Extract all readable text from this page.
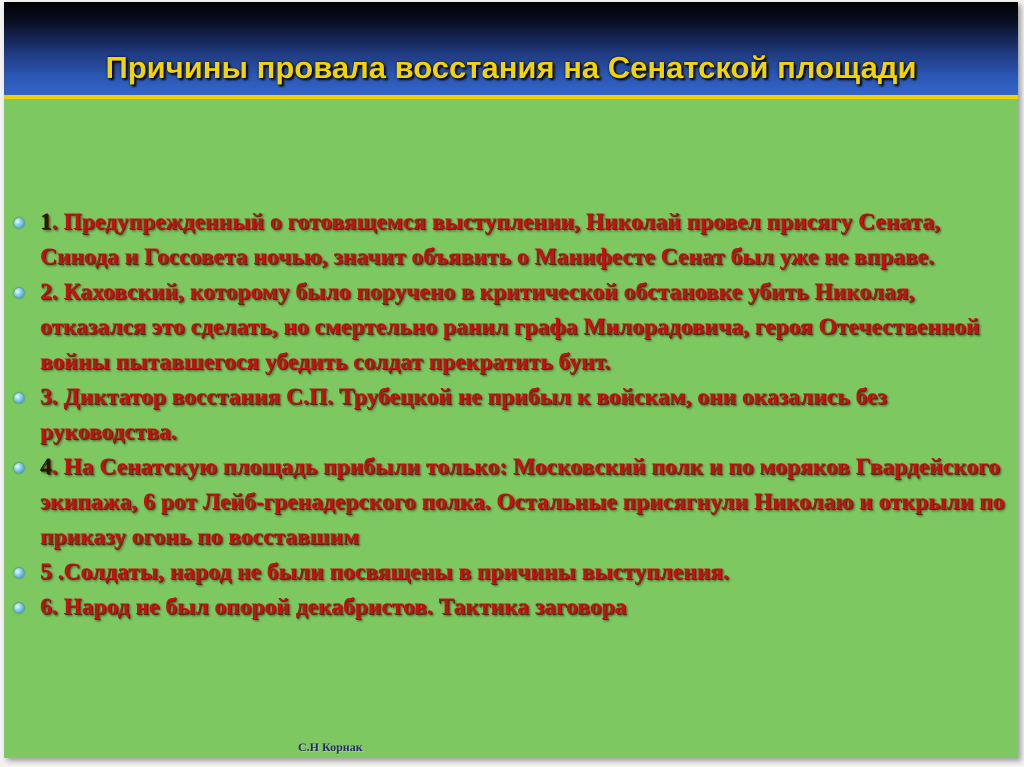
Причины провала восстания на Сенатской площади
1. Предупрежденный о готовящемся выступлении, Николай провел присягу Сената, Синода и Госсовета ночью, значит объявить о Манифесте Сенат был уже не вправе.
2. Каховский, которому было поручено в критической обстановке убить Николая, отказался это сделать, но смертельно ранил графа Милорадовича, героя Отечественной войны пытавшегося убедить солдат прекратить бунт.
3. Диктатор восстания С.П. Трубецкой не прибыл к войскам, они оказались без руководства.
4. На Сенатскую площадь прибыли только: Московский полк и по моряков Гвардейского экипажа, 6 рот Лейб-гренадерского полка. Остальные присягнули Николаю и открыли по приказу огонь по восставшим
5 .Солдаты, народ не были посвящены в причины выступления.
6. Народ не был опорой декабристов. Тактика заговора
С.Н Корнак
